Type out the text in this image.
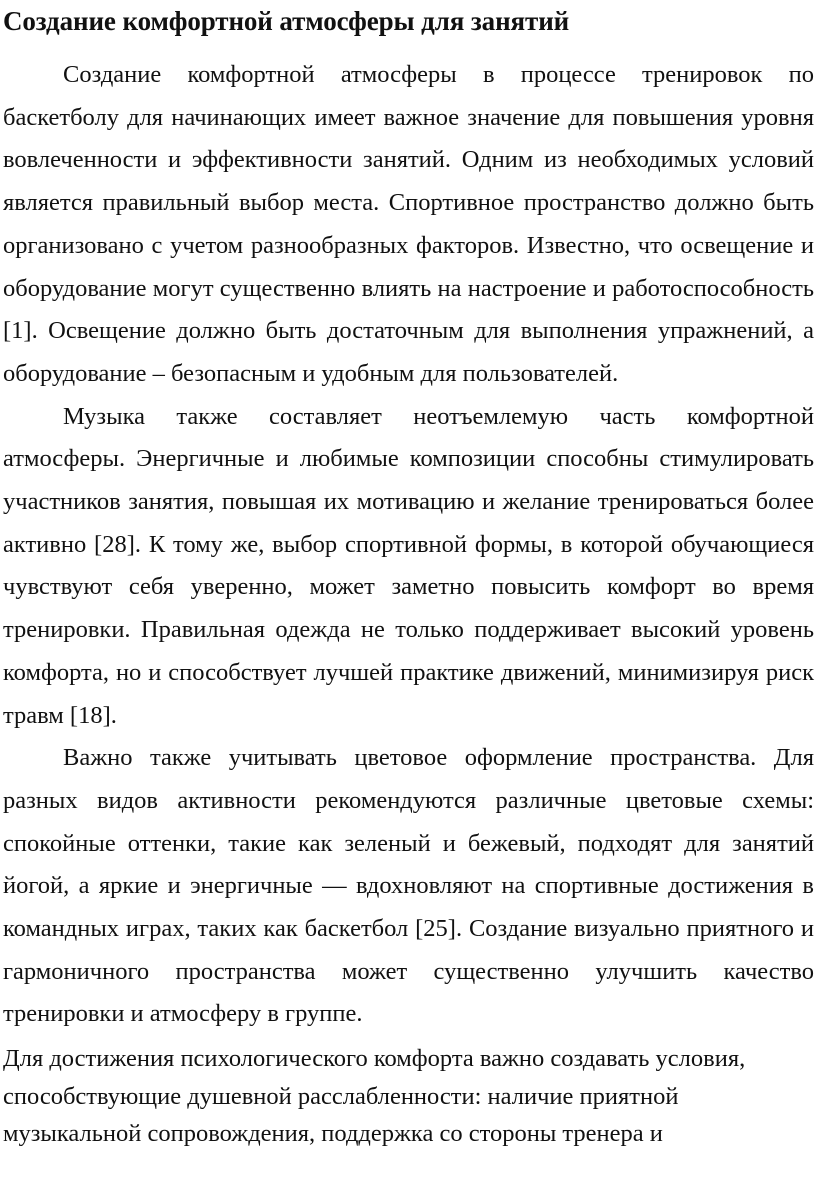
Создание комфортной атмосферы для занятий

Создание комфортной атмосферы в процессе тренировок по баскетболу для начинающих имеет важное значение для повышения уровня вовлеченности и эффективности занятий. Одним из необходимых условий является правильный выбор места. Спортивное пространство должно быть организовано с учетом разнообразных факторов. Известно, что освещение и оборудование могут существенно влиять на настроение и работоспособность [1]. Освещение должно быть достаточным для выполнения упражнений, а оборудование – безопасным и удобным для пользователей.

Музыка также составляет неотъемлемую часть комфортной атмосферы. Энергичные и любимые композиции способны стимулировать участников занятия, повышая их мотивацию и желание тренироваться более активно [28]. К тому же, выбор спортивной формы, в которой обучающиеся чувствуют себя уверенно, может заметно повысить комфорт во время тренировки. Правильная одежда не только поддерживает высокий уровень комфорта, но и способствует лучшей практике движений, минимизируя риск травм [18].

Важно также учитывать цветовое оформление пространства. Для разных видов активности рекомендуются различные цветовые схемы: спокойные оттенки, такие как зеленый и бежевый, подходят для занятий йогой, а яркие и энергичные — вдохновляют на спортивные достижения в командных играх, таких как баскетбол [25]. Создание визуально приятного и гармоничного пространства может существенно улучшить качество тренировки и атмосферу в группе.

Для достижения психологического комфорта важно создавать условия,
способствующие душевной расслабленности: наличие приятной
музыкальной сопровождения, поддержка со стороны тренера и
